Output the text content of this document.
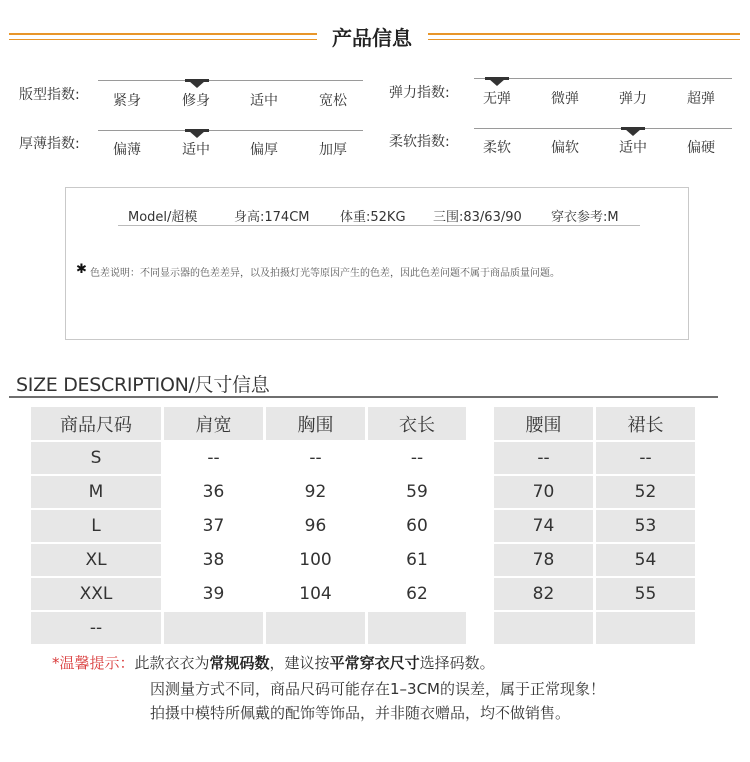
产品信息
版型指数:	紧身	修身	适中	宽松	弹力指数:	无弹	微弹	弹力	超弹
厚薄指数:	偏薄	适中	偏厚	加厚	柔软指数:	柔软	偏软	适中	偏硬
Model/超模	身高:174CM 体重:52KG 三围:83/63/90 穿衣参考:M
✱ 色差说明：不同显示器的色差差异，以及拍摄灯光等原因产生的色差，因此色差问题不属于商品质量问题。
SIZE DESCRIPTION/尺寸信息
商品尺码	肩宽	胸围	衣长	腰围	裙长
S	--	--	--	--	--
M	36	92	59	70	52
L	37	96	60	74	53
XL	38	100	61	78	54
XXL	39	104	62	82	55
--
*温馨提示：此款衣衣为常规码数，建议按平常穿衣尺寸选择码数。
因测量方式不同，商品尺码可能存在1–3CM的误差，属于正常现象！
拍摄中模特所佩戴的配饰等饰品，并非随衣赠品，均不做销售。
